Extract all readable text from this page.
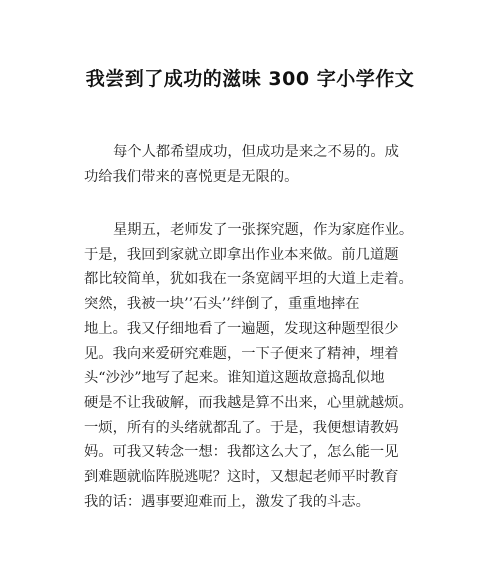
我尝到了成功的滋味 300 字小学作文
每个人都希望成功，但成功是来之不易的。成
功给我们带来的喜悦更是无限的。
星期五，老师发了一张探究题，作为家庭作业。
于是，我回到家就立即拿出作业本来做。前几道题
都比较简单，犹如我在一条宽阔平坦的大道上走着。
突然，我被一块’’石头’’绊倒了，重重地摔在
地上。我又仔细地看了一遍题，发现这种题型很少
见。我向来爱研究难题，一下子便来了精神，埋着
头“沙沙”地写了起来。谁知道这题故意捣乱似地
硬是不让我破解，而我越是算不出来，心里就越烦。
一烦，所有的头绪就都乱了。于是，我便想请教妈
妈。可我又转念一想：我都这么大了，怎么能一见
到难题就临阵脱逃呢？这时，又想起老师平时教育
我的话：遇事要迎难而上，激发了我的斗志。
